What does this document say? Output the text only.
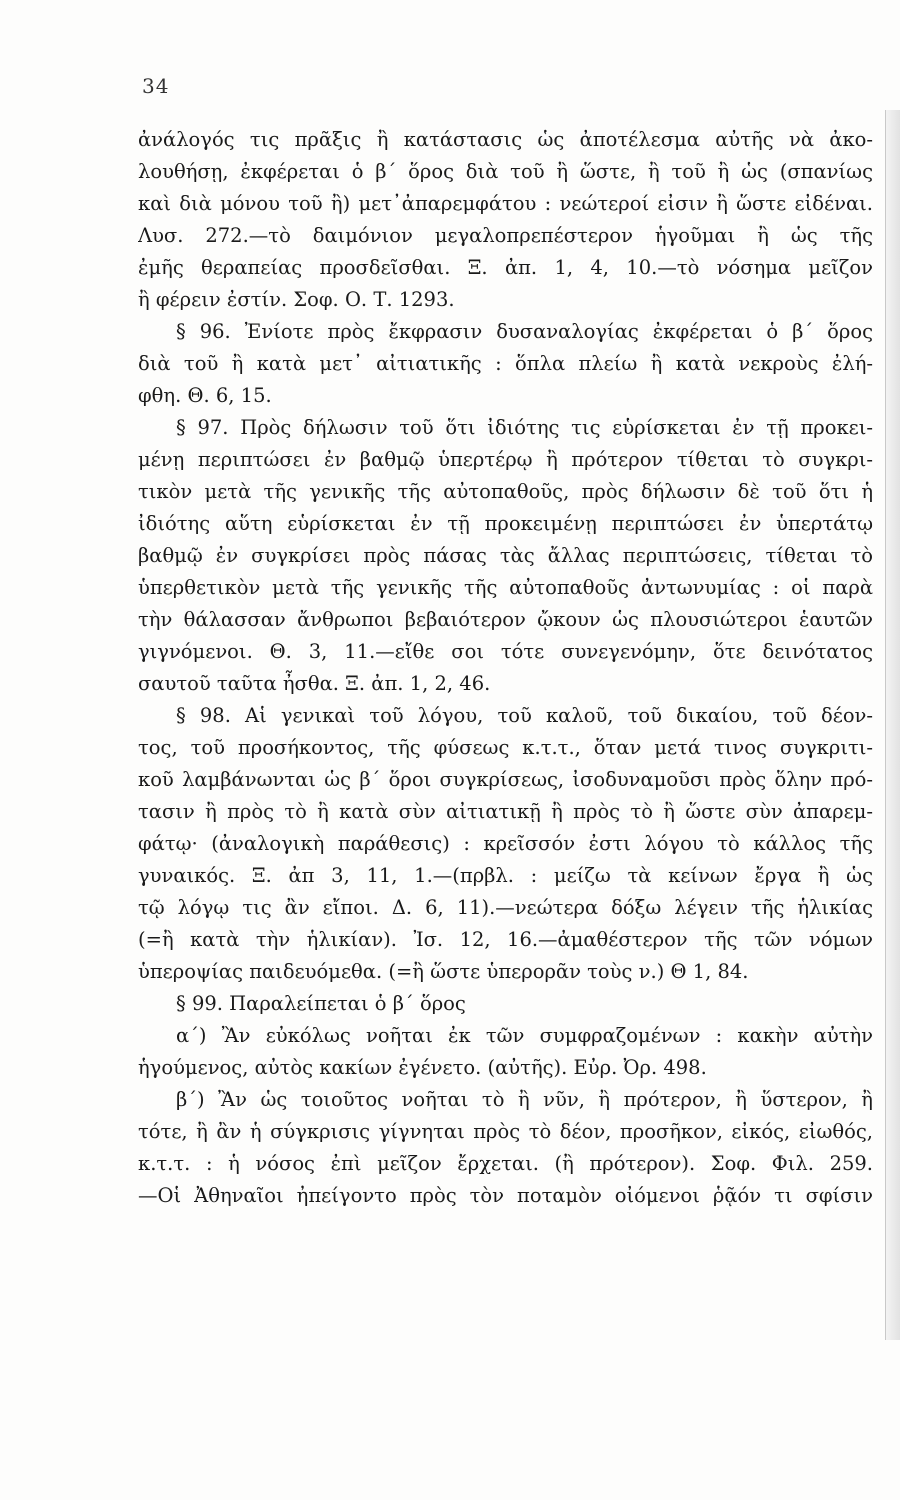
34
ἀνάλογός τις πρᾶξις ἢ κατάστασις ὡς ἀποτέλεσμα αὐτῆς νὰ ἀκο-
λουθήσῃ, ἐκφέρεται ὁ β΄ ὅρος διὰ τοῦ ἢ ὥστε, ἢ τοῦ ἢ ὡς (σπανίως
καὶ διὰ μόνου τοῦ ἢ) μετ᾽ἀπαρεμφάτου : νεώτεροί εἰσιν ἢ ὥστε εἰδέναι.
Λυσ. 272.—τὸ δαιμόνιον μεγαλοπρεπέστερον ἡγοῦμαι ἢ ὡς τῆς
ἐμῆς θεραπείας προσδεῖσθαι. Ξ. ἀπ. 1, 4, 10.—τὸ νόσημα μεῖζον
ἢ φέρειν ἐστίν. Σοφ. Ο. Τ. 1293.
§ 96. Ἐνίοτε πρὸς ἔκφρασιν δυσαναλογίας ἐκφέρεται ὁ β΄ ὅρος
διὰ τοῦ ἢ κατὰ μετ᾽ αἰτιατικῆς : ὅπλα πλείω ἢ κατὰ νεκροὺς ἐλή-
φθη. Θ. 6, 15.
§ 97. Πρὸς δήλωσιν τοῦ ὅτι ἰδιότης τις εὑρίσκεται ἐν τῇ προκει-
μένῃ περιπτώσει ἐν βαθμῷ ὑπερτέρῳ ἢ πρότερον τίθεται τὸ συγκρι-
τικὸν μετὰ τῆς γενικῆς τῆς αὐτοπαθοῦς, πρὸς δήλωσιν δὲ τοῦ ὅτι ἡ
ἰδιότης αὕτη εὑρίσκεται ἐν τῇ προκειμένῃ περιπτώσει ἐν ὑπερτάτῳ
βαθμῷ ἐν συγκρίσει πρὸς πάσας τὰς ἄλλας περιπτώσεις, τίθεται τὸ
ὑπερθετικὸν μετὰ τῆς γενικῆς τῆς αὐτοπαθοῦς ἀντωνυμίας : οἱ παρὰ
τὴν θάλασσαν ἄνθρωποι βεβαιότερον ᾤκουν ὡς πλουσιώτεροι ἑαυτῶν
γιγνόμενοι. Θ. 3, 11.—εἴθε σοι τότε συνεγενόμην, ὅτε δεινότατος
σαυτοῦ ταῦτα ἦσθα. Ξ. ἀπ. 1, 2, 46.
§ 98. Αἱ γενικαὶ τοῦ λόγου, τοῦ καλοῦ, τοῦ δικαίου, τοῦ δέον-
τος, τοῦ προσήκοντος, τῆς φύσεως κ.τ.τ., ὅταν μετά τινος συγκριτι-
κοῦ λαμβάνωνται ὡς β΄ ὅροι συγκρίσεως, ἰσοδυναμοῦσι πρὸς ὅλην πρό-
τασιν ἢ πρὸς τὸ ἢ κατὰ σὺν αἰτιατικῇ ἢ πρὸς τὸ ἢ ὥστε σὺν ἀπαρεμ-
φάτῳ· (ἀναλογικὴ παράθεσις) : κρεῖσσόν ἐστι λόγου τὸ κάλλος τῆς
γυναικός. Ξ. ἀπ 3, 11, 1.—(πρβλ. : μείζω τὰ κείνων ἔργα ἢ ὡς
τῷ λόγῳ τις ἂν εἴποι. Δ. 6, 11).—νεώτερα δόξω λέγειν τῆς ἡλικίας
(=ἢ κατὰ τὴν ἡλικίαν). Ἰσ. 12, 16.—ἀμαθέστερον τῆς τῶν νόμων
ὑπεροψίας παιδευόμεθα. (=ἢ ὥστε ὑπερορᾶν τοὺς ν.) Θ 1, 84.
§ 99. Παραλείπεται ὁ β΄ ὅρος
α΄) Ἂν εὐκόλως νοῆται ἐκ τῶν συμφραζομένων : κακὴν αὐτὴν
ἡγούμενος, αὐτὸς κακίων ἐγένετο. (αὐτῆς). Εὐρ. Ὀρ. 498.
β΄) Ἂν ὡς τοιοῦτος νοῆται τὸ ἢ νῦν, ἢ πρότερον, ἢ ὕστερον, ἢ
τότε, ἢ ἂν ἡ σύγκρισις γίγνηται πρὸς τὸ δέον, προσῆκον, εἰκός, εἰωθός,
κ.τ.τ. : ἡ νόσος ἐπὶ μεῖζον ἔρχεται. (ἢ πρότερον). Σοφ. Φιλ. 259.
—Οἱ Ἀθηναῖοι ἠπείγοντο πρὸς τὸν ποταμὸν οἰόμενοι ῥᾷόν τι σφίσιν
